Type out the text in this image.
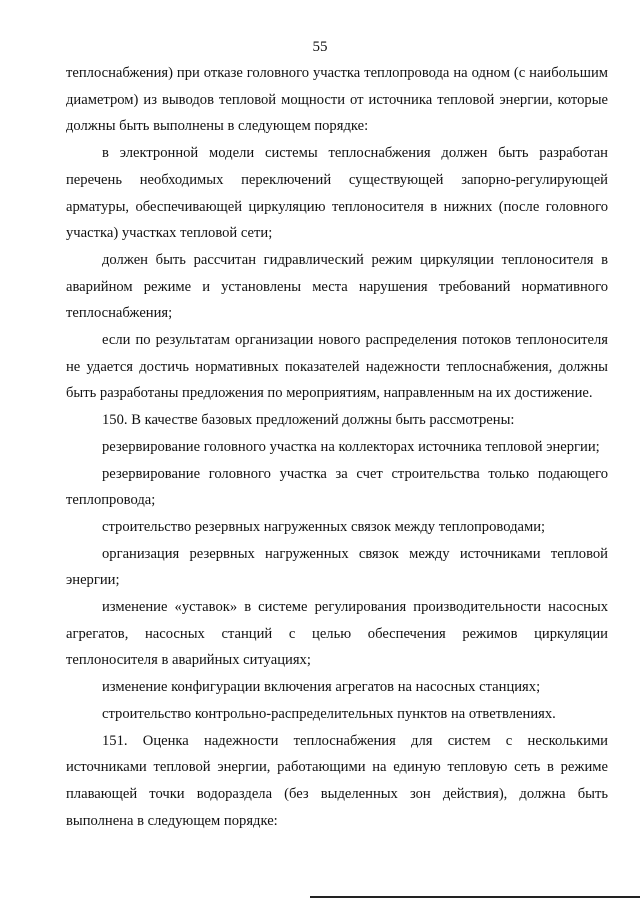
55

теплоснабжения) при отказе головного участка теплопровода на одном (с наибольшим диаметром) из выводов тепловой мощности от источника тепловой энергии, которые должны быть выполнены в следующем порядке:

в электронной модели системы теплоснабжения должен быть разработан перечень необходимых переключений существующей запорно-регулирующей арматуры, обеспечивающей циркуляцию теплоносителя в нижних (после головного участка) участках тепловой сети;

должен быть рассчитан гидравлический режим циркуляции теплоносителя в аварийном режиме и установлены места нарушения требований нормативного теплоснабжения;

если по результатам организации нового распределения потоков теплоносителя не удается достичь нормативных показателей надежности теплоснабжения, должны быть разработаны предложения по мероприятиям, направленным на их достижение.

150. В качестве базовых предложений должны быть рассмотрены:

резервирование головного участка на коллекторах источника тепловой энергии;

резервирование головного участка за счет строительства только подающего теплопровода;

строительство резервных нагруженных связок между теплопроводами;

организация резервных нагруженных связок между источниками тепловой энергии;

изменение «уставок» в системе регулирования производительности насосных агрегатов, насосных станций с целью обеспечения режимов циркуляции теплоносителя в аварийных ситуациях;

изменение конфигурации включения агрегатов на насосных станциях;

строительство контрольно-распределительных пунктов на ответвлениях.

151. Оценка надежности теплоснабжения для систем с несколькими источниками тепловой энергии, работающими на единую тепловую сеть в режиме плавающей точки водораздела (без выделенных зон действия), должна быть выполнена в следующем порядке:
